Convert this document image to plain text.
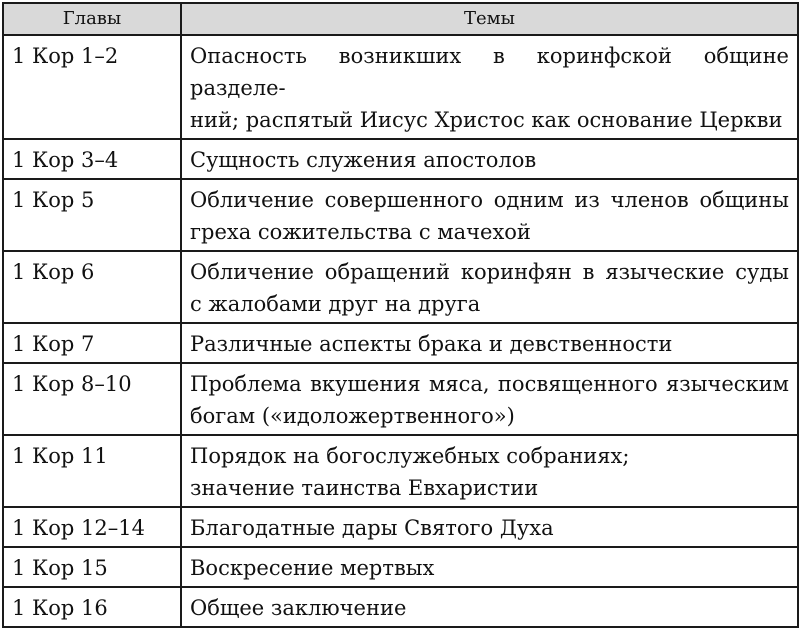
Главы	Темы
1 Кор 1–2	Опасность возникших в коринфской общине разделе-
ний; распятый Иисус Христос как основание Церкви

1 Кор 3–4	Сущность служения апостолов

1 Кор 5	Обличение совершенного одним из членов общины
греха сожительства с мачехой

1 Кор 6	Обличение обращений коринфян в языческие суды
с жалобами друг на друга

1 Кор 7	Различные аспекты брака и девственности

1 Кор 8–10	Проблема вкушения мяса, посвященного языческим
богам («идоложертвенного»)

1 Кор 11	Порядок на богослужебных собраниях;
значение таинства Евхаристии

1 Кор 12–14	Благодатные дары Святого Духа

1 Кор 15	Воскресение мертвых

1 Кор 16	Общее заключение
